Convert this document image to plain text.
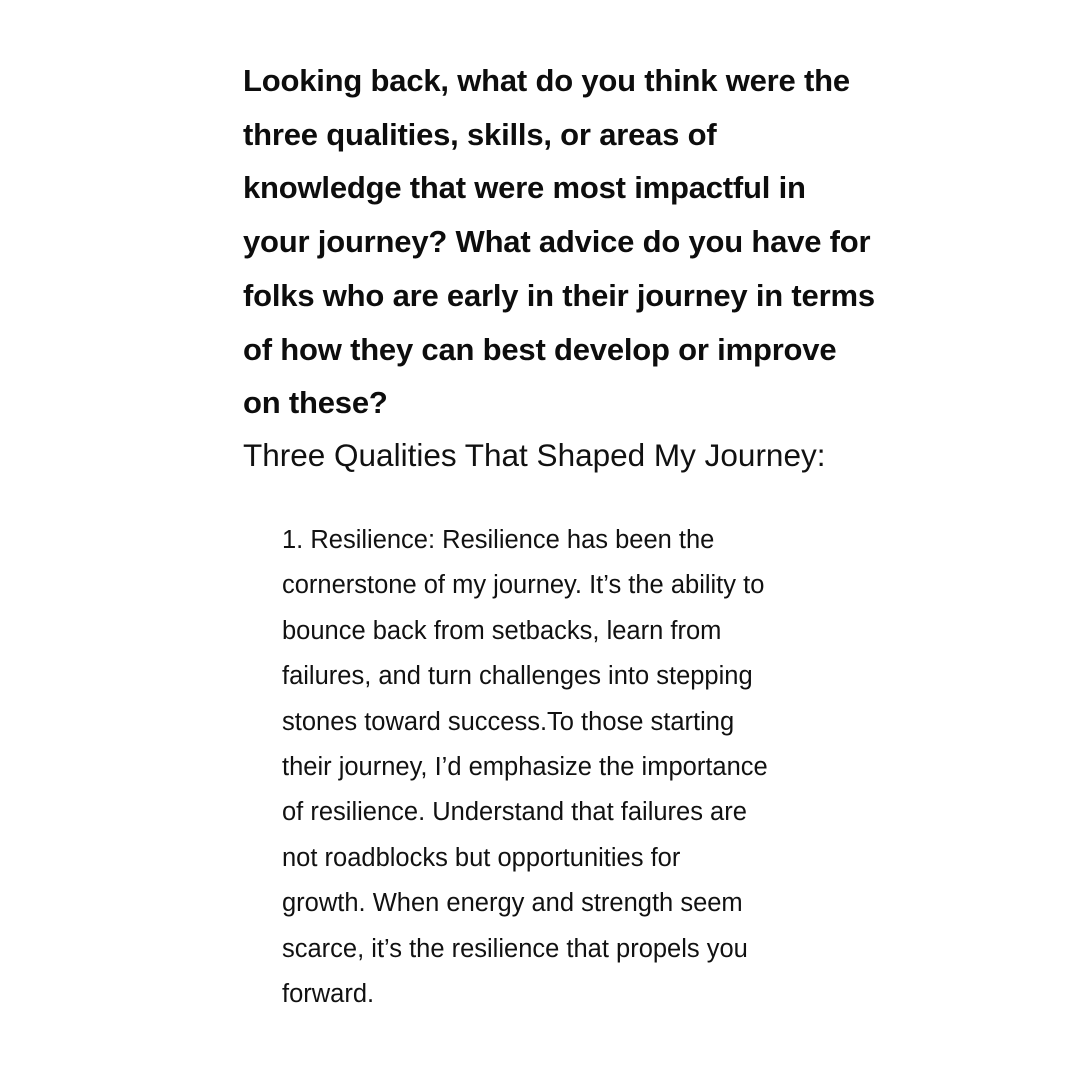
Looking back, what do you think were the
three qualities, skills, or areas of
knowledge that were most impactful in
your journey? What advice do you have for
folks who are early in their journey in terms
of how they can best develop or improve
on these?
Three Qualities That Shaped My Journey:
1. Resilience: Resilience has been the
cornerstone of my journey. It’s the ability to
bounce back from setbacks, learn from
failures, and turn challenges into stepping
stones toward success.To those starting
their journey, I’d emphasize the importance
of resilience. Understand that failures are
not roadblocks but opportunities for
growth. When energy and strength seem
scarce, it’s the resilience that propels you
forward.
